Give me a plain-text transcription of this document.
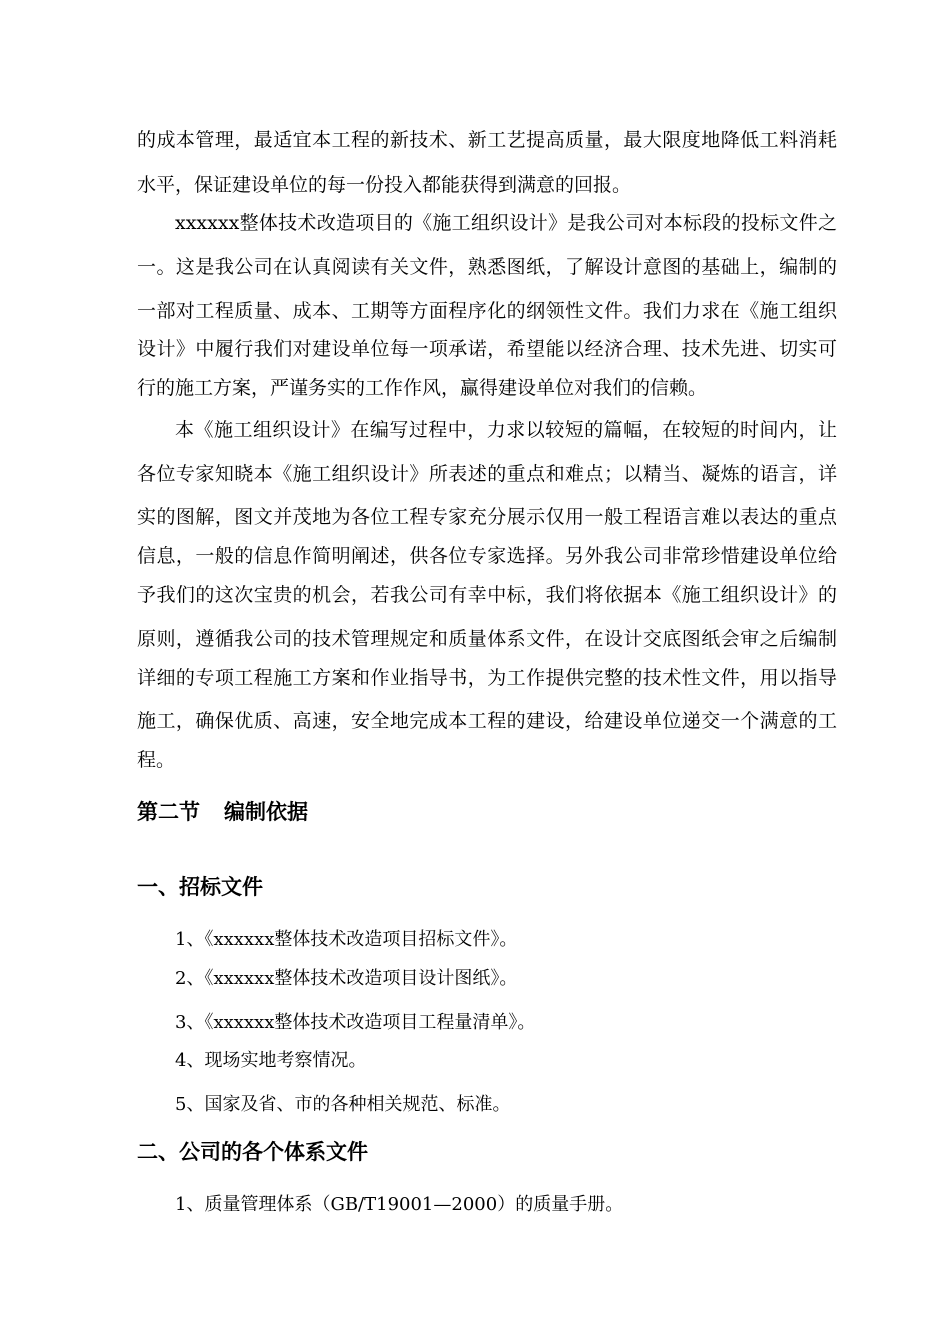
的成本管理，最适宜本工程的新技术、新工艺提高质量，最大限度地降低工料消耗
水平，保证建设单位的每一份投入都能获得到满意的回报。
xxxxxx整体技术改造项目的《施工组织设计》是我公司对本标段的投标文件之
一。这是我公司在认真阅读有关文件，熟悉图纸，了解设计意图的基础上，编制的
一部对工程质量、成本、工期等方面程序化的纲领性文件。我们力求在《施工组织
设计》中履行我们对建设单位每一项承诺，希望能以经济合理、技术先进、切实可
行的施工方案，严谨务实的工作作风，赢得建设单位对我们的信赖。
本《施工组织设计》在编写过程中，力求以较短的篇幅，在较短的时间内，让
各位专家知晓本《施工组织设计》所表述的重点和难点；以精当、凝炼的语言，详
实的图解，图文并茂地为各位工程专家充分展示仅用一般工程语言难以表达的重点
信息，一般的信息作简明阐述，供各位专家选择。另外我公司非常珍惜建设单位给
予我们的这次宝贵的机会，若我公司有幸中标，我们将依据本《施工组织设计》的
原则，遵循我公司的技术管理规定和质量体系文件，在设计交底图纸会审之后编制
详细的专项工程施工方案和作业指导书，为工作提供完整的技术性文件，用以指导
施工，确保优质、高速，安全地完成本工程的建设，给建设单位递交一个满意的工
程。
第二节 编制依据
一、招标文件
1、《xxxxxx整体技术改造项目招标文件》。
2、《xxxxxx整体技术改造项目设计图纸》。
3、《xxxxxx整体技术改造项目工程量清单》。
4、现场实地考察情况。
5、国家及省、市的各种相关规范、标准。
二、公司的各个体系文件
1、质量管理体系（GB/T19001—2000）的质量手册。
